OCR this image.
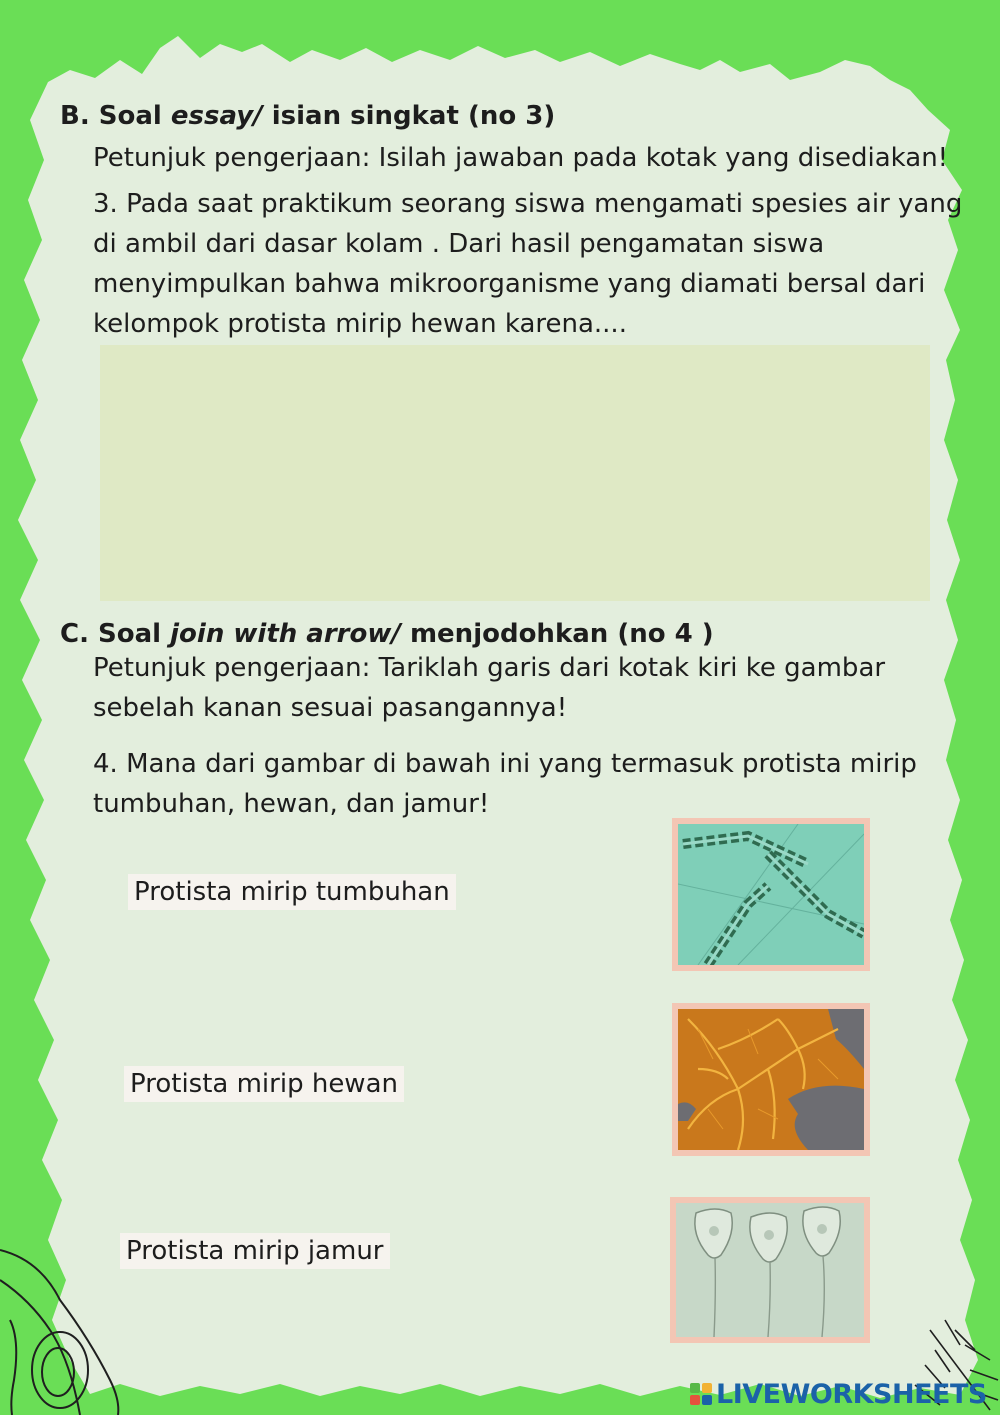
B. Soal essay/ isian singkat (no 3)
Petunjuk pengerjaan: Isilah jawaban pada kotak yang disediakan!
3. Pada saat praktikum seorang siswa mengamati spesies air yang
di ambil dari dasar kolam . Dari hasil pengamatan siswa
menyimpulkan bahwa mikroorganisme yang diamati bersal dari
kelompok protista mirip hewan karena....
C. Soal join with arrow/ menjodohkan (no 4 )
Petunjuk pengerjaan: Tariklah garis dari kotak kiri ke gambar
sebelah kanan sesuai pasangannya!
4. Mana dari gambar di bawah ini yang termasuk protista mirip
tumbuhan, hewan, dan jamur!
Protista mirip tumbuhan
Protista mirip hewan
Protista mirip jamur
LIVEWORKSHEETS
